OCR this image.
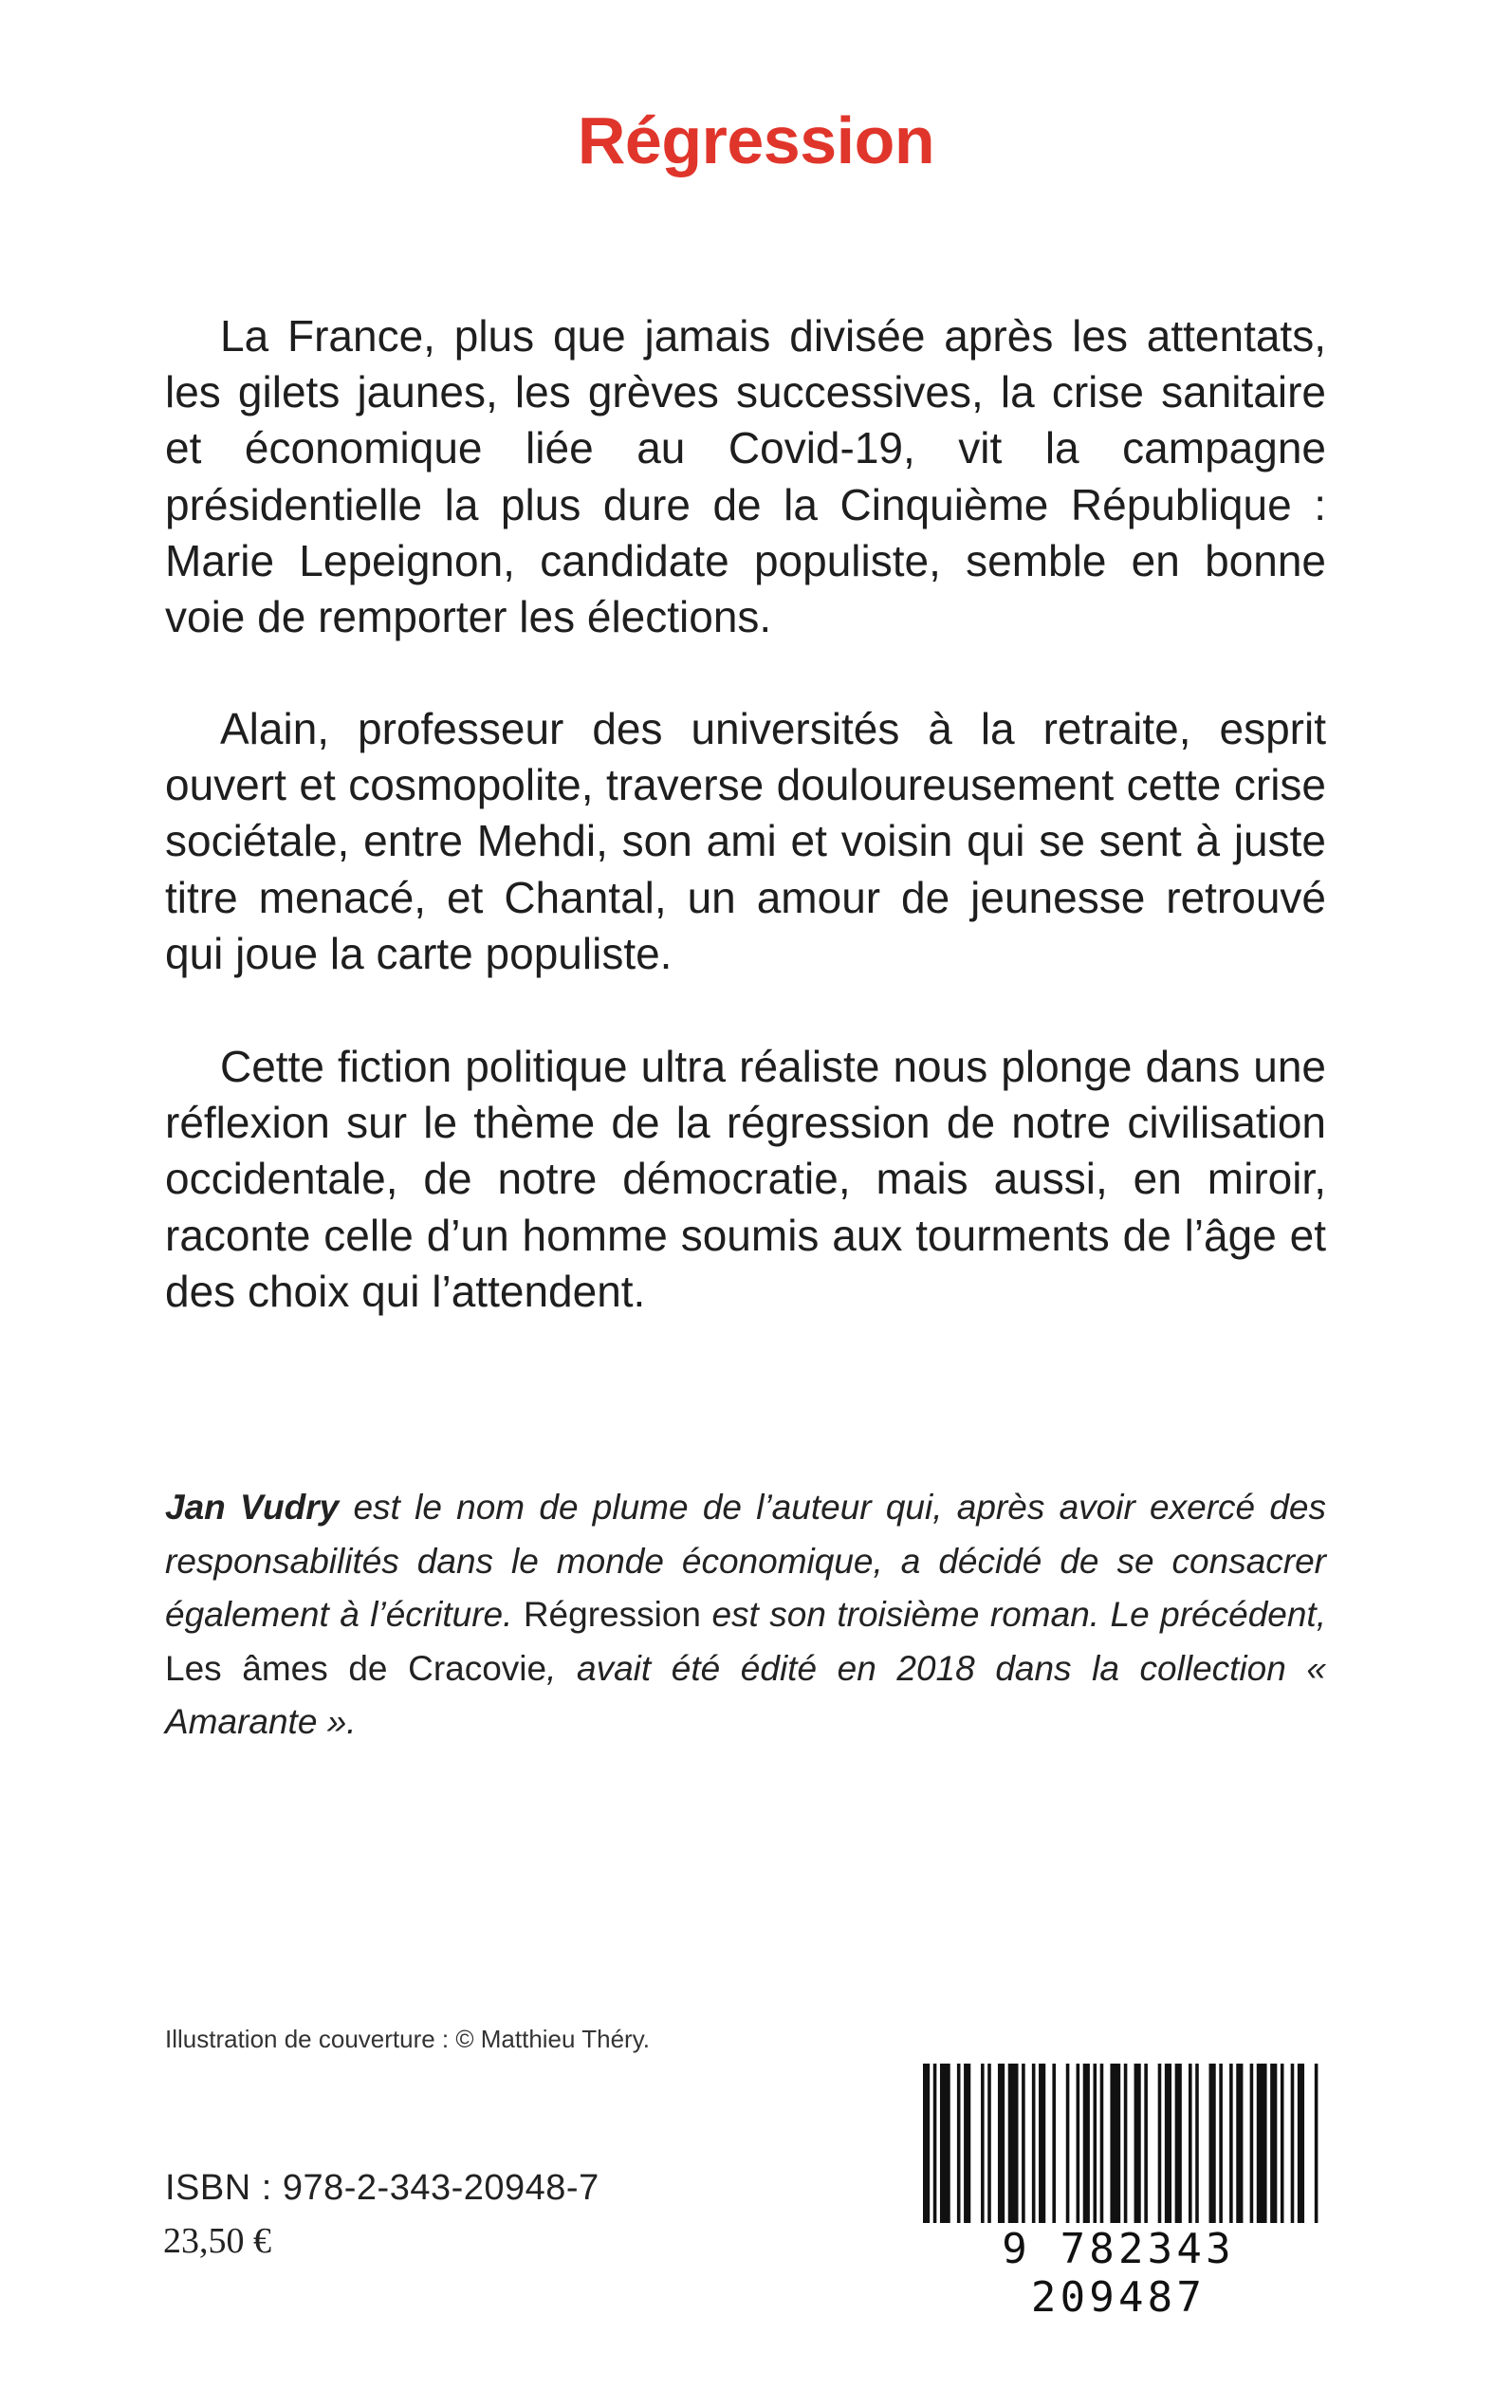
Régression

La France, plus que jamais divisée après les attentats, les gilets jaunes, les grèves successives, la crise sanitaire et économique liée au Covid-19, vit la campagne présidentielle la plus dure de la Cinquième République : Marie Lepeignon, candidate populiste, semble en bonne voie de remporter les élections.

Alain, professeur des universités à la retraite, esprit ouvert et cosmopolite, traverse douloureusement cette crise sociétale, entre Mehdi, son ami et voisin qui se sent à juste titre menacé, et Chantal, un amour de jeunesse retrouvé qui joue la carte populiste.

Cette fiction politique ultra réaliste nous plonge dans une réflexion sur le thème de la régression de notre civilisation occidentale, de notre démocratie, mais aussi, en miroir, raconte celle d’un homme soumis aux tourments de l’âge et des choix qui l’attendent.

Jan Vudry est le nom de plume de l’auteur qui, après avoir exercé des responsabilités dans le monde économique, a décidé de se consacrer également à l’écriture. Régression est son troisième roman. Le précédent, Les âmes de Cracovie, avait été édité en 2018 dans la collection « Amarante ».

Illustration de couverture : © Matthieu Théry.
ISBN : 978-2-343-20948-7
23,50 €	9 782343 209487
